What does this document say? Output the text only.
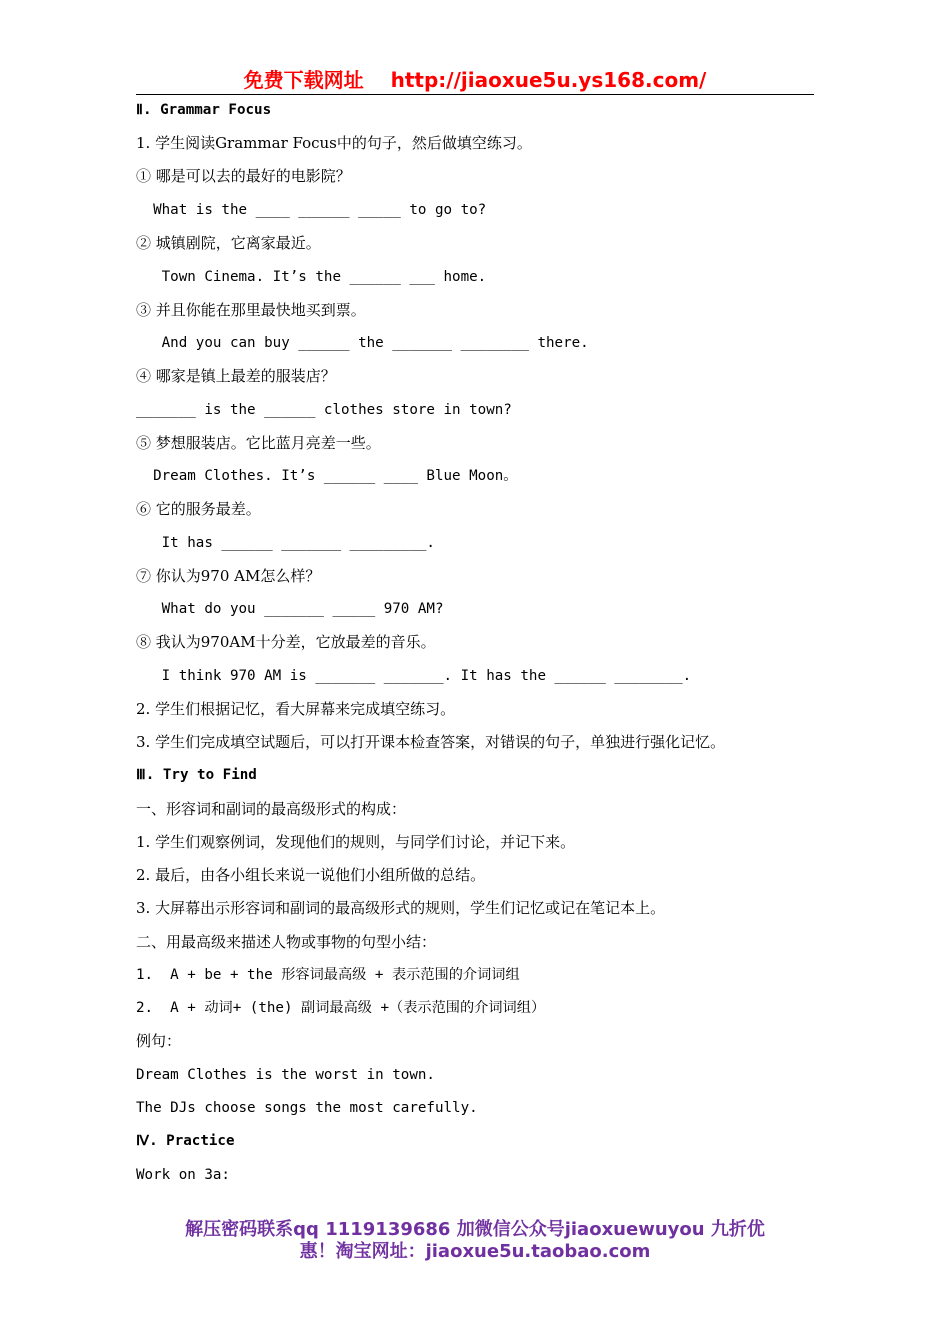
免费下载网址 http://jiaoxue5u.ys168.com/
Ⅱ. Grammar Focus
1. 学生阅读Grammar Focus中的句子，然后做填空练习。
① 哪是可以去的最好的电影院？
What is the ____ ______ _____ to go to?
② 城镇剧院，它离家最近。
Town Cinema. It’s the ______ ___ home.
③ 并且你能在那里最快地买到票。
And you can buy ______ the _______ ________ there.
④ 哪家是镇上最差的服装店？
_______ is the ______ clothes store in town?
⑤ 梦想服装店。它比蓝月亮差一些。
Dream Clothes. It’s ______ ____ Blue Moon。
⑥ 它的服务最差。
It has ______ _______ _________.
⑦ 你认为970 AM怎么样？
What do you _______ _____ 970 AM?
⑧ 我认为970AM十分差，它放最差的音乐。
I think 970 AM is _______ _______. It has the ______ ________.
2. 学生们根据记忆，看大屏幕来完成填空练习。
3. 学生们完成填空试题后，可以打开课本检查答案，对错误的句子，单独进行强化记忆。
Ⅲ. Try to Find
一、形容词和副词的最高级形式的构成：
1. 学生们观察例词，发现他们的规则，与同学们讨论，并记下来。
2. 最后，由各小组长来说一说他们小组所做的总结。
3. 大屏幕出示形容词和副词的最高级形式的规则，学生们记忆或记在笔记本上。
二、用最高级来描述人物或事物的句型小结：
1.  A + be + the 形容词最高级 + 表示范围的介词词组
2.  A + 动词+ (the) 副词最高级 +（表示范围的介词词组）
例句：
Dream Clothes is the worst in town.
The DJs choose songs the most carefully.
Ⅳ. Practice
Work on 3a:
解压密码联系qq 1119139686 加微信公众号jiaoxuewuyou 九折优
惠！淘宝网址：jiaoxue5u.taobao.com
